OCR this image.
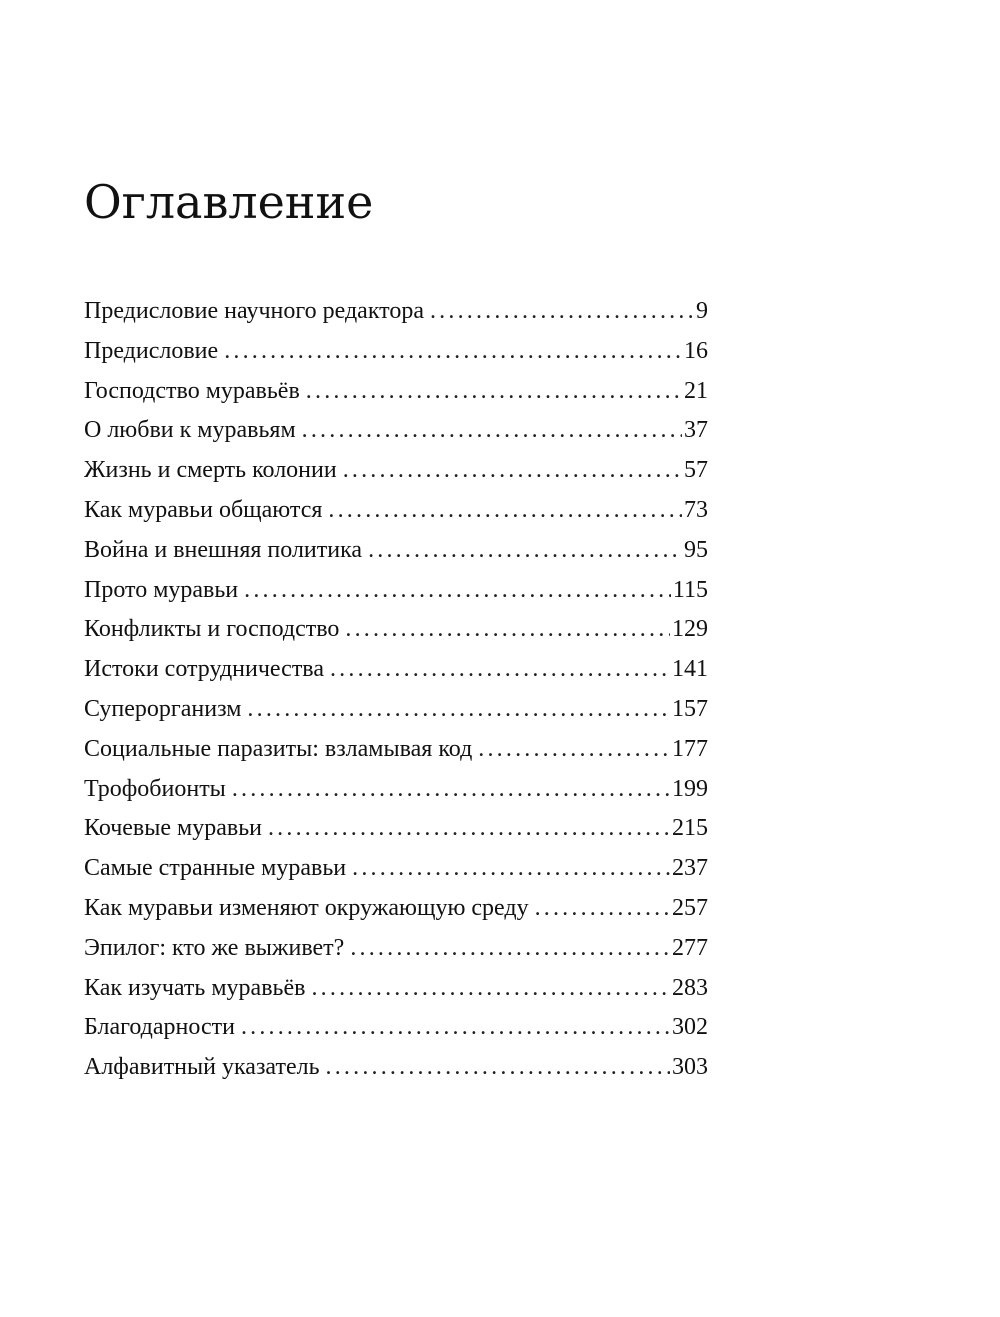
Оглавление
Предисловие научного редактора .....	9
Предисловие .....	16
Господство муравьёв .....	21
О любви к муравьям .....	37
Жизнь и смерть колонии .....	57
Как муравьи общаются .....	73
Война и внешняя политика .....	95
Прото муравьи .....	115
Конфликты и господство .....	129
Истоки сотрудничества .....	141
Суперорганизм .....	157
Социальные паразиты: взламывая код .....	177
Трофобионты .....	199
Кочевые муравьи .....	215
Самые странные муравьи .....	237
Как муравьи изменяют окружающую среду .....	257
Эпилог: кто же выживет? .....	277
Как изучать муравьёв .....	283
Благодарности .....	302
Алфавитный указатель .....	303
